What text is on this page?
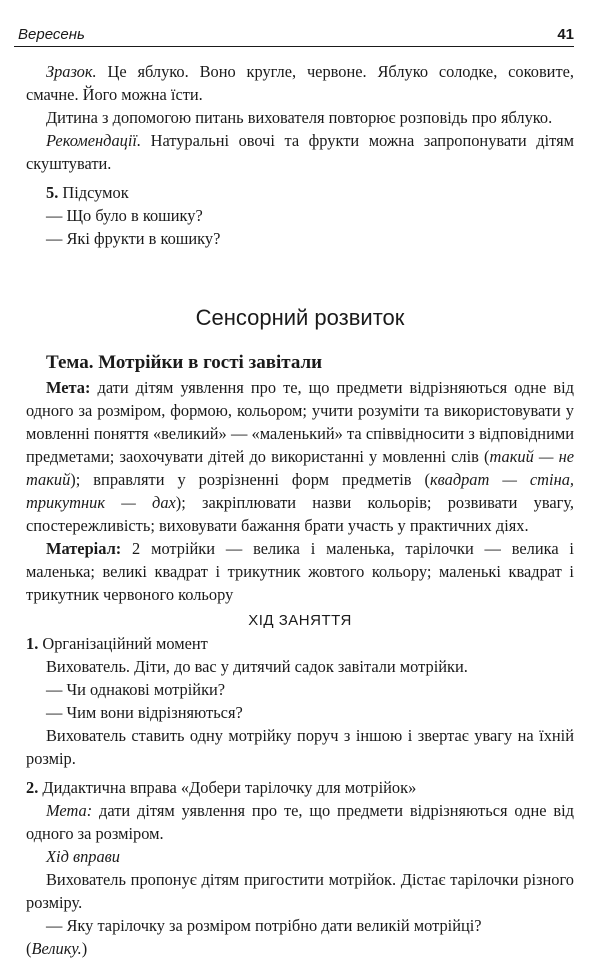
Вересень	41

Зразок. Це яблуко. Воно кругле, червоне. Яблуко солодке, соковите, смачне. Його можна їсти.

Дитина з допомогою питань вихователя повторює розповідь про яблуко.

Рекомендації. Натуральні овочі та фрукти можна запропонувати дітям скуштувати.

5. Підсумок

— Що було в кошику?

— Які фрукти в кошику?

Сенсорний розвиток
Тема. Мотрійки в гості завітали

Мета: дати дітям уявлення про те, що предмети відрізняються одне від одного за розміром, формою, кольором; учити розуміти та використовувати у мовленні поняття «великий» — «маленький» та співвідносити з відповідними предметами; заохочувати дітей до використанні у мовленні слів (такий — не такий); вправляти у розрізненні форм предметів (квадрат — стіна, трикутник — дах); закріплювати назви кольорів; розвивати увагу, спостережливість; виховувати бажання брати участь у практичних діях.

Матеріал: 2 мотрійки — велика і маленька, тарілочки — велика і маленька; великі квадрат і трикутник жовтого кольору; маленькі квадрат і трикутник червоного кольору

ХІД ЗАНЯТТЯ

1. Організаційний момент

Вихователь. Діти, до вас у дитячий садок завітали мотрійки.

— Чи однакові мотрійки?

— Чим вони відрізняються?

Вихователь ставить одну мотрійку поруч з іншою і звертає увагу на їхній розмір.

2. Дидактична вправа «Добери тарілочку для мотрійок»

Мета: дати дітям уявлення про те, що предмети відрізняються одне від одного за розміром.

Хід вправи

Вихователь пропонує дітям пригостити мотрійок. Дістає тарілочки різного розміру.

— Яку тарілочку за розміром потрібно дати великій мотрійці?

(Велику.)
